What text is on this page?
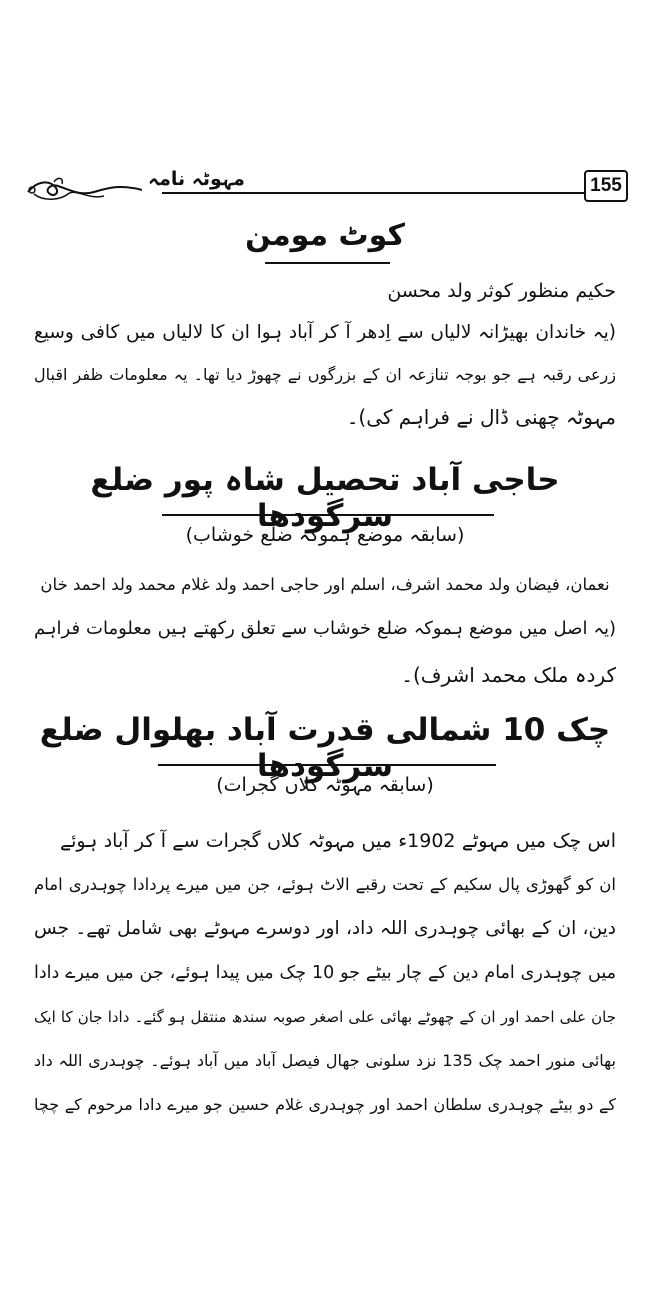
مہوٹہ نامہ	155
کوٹ مومن
حکیم منظور کوثر ولد محسن
(یہ خاندان بھیڑانہ لالیاں سے اِدھر آ کر آباد ہوا ان کا لالیاں میں کافی وسیع
زرعی رقبہ ہے جو بوجہ تنازعہ ان کے بزرگوں نے چھوڑ دیا تھا۔ یہ معلومات ظفر اقبال
مہوٹہ چھنی ڈال نے فراہم کی)۔
حاجی آباد تحصیل شاہ پور ضلع سرگودھا
(سابقہ موضع ہموکہ ضلع خوشاب)
نعمان، فیضان ولد محمد اشرف، اسلم اور حاجی احمد ولد غلام محمد ولد احمد خان
(یہ اصل میں موضع ہموکہ ضلع خوشاب سے تعلق رکھتے ہیں معلومات فراہم
کردہ ملک محمد اشرف)۔
چک 10 شمالی قدرت آباد بھلوال ضلع سرگودھا
(سابقہ مہوٹہ کلاں گجرات)
اس چک میں مہوٹے 1902ء میں مہوٹہ کلاں گجرات سے آ کر آباد ہوئے
ان کو گھوڑی پال سکیم کے تحت رقبے الاٹ ہوئے، جن میں میرے پردادا چوہدری امام
دین، ان کے بھائی چوہدری اللہ داد، اور دوسرے مہوٹے بھی شامل تھے۔ جس
میں چوہدری امام دین کے چار بیٹے جو 10 چک میں پیدا ہوئے، جن میں میرے دادا
جان علی احمد اور ان کے چھوٹے بھائی علی اصغر صوبہ سندھ منتقل ہو گئے۔ دادا جان کا ایک
بھائی منور احمد چک 135 نزد سلونی جھال فیصل آباد میں آباد ہوئے۔ چوہدری اللہ داد
کے دو بیٹے چوہدری سلطان احمد اور چوہدری غلام حسین جو میرے دادا مرحوم کے چچا
